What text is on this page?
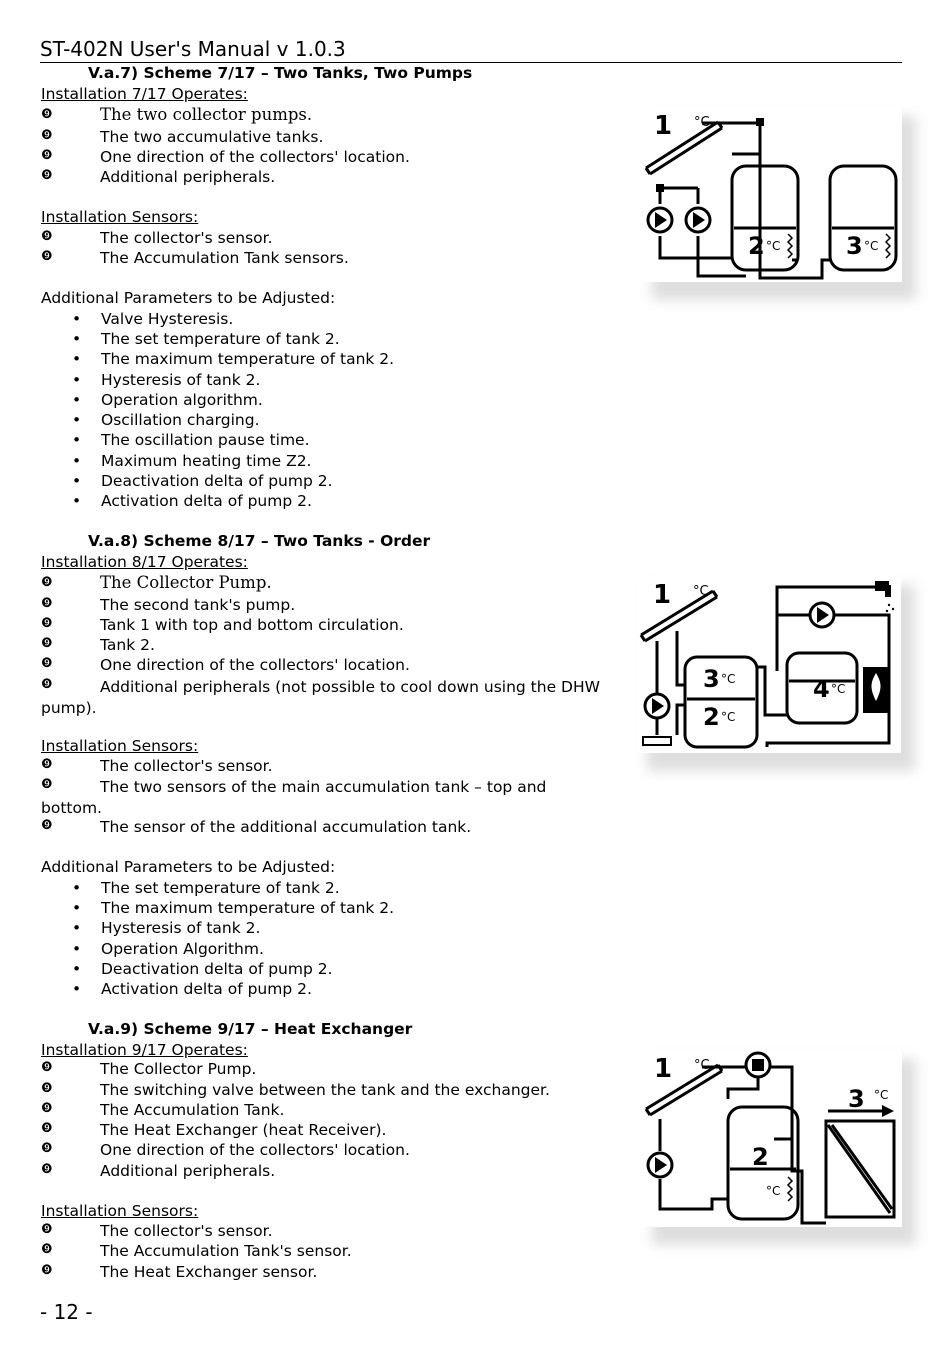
ST-402N User's Manual v 1.0.3
V.a.7) Scheme 7/17 – Two Tanks, Two Pumps
Installation 7/17 Operates:
❾	The two collector pumps.
❾	The two accumulative tanks.
❾	One direction of the collectors' location.
❾	Additional peripherals.
Installation Sensors:
❾	The collector's sensor.
❾	The Accumulation Tank sensors.
Additional Parameters to be Adjusted:
• Valve Hysteresis.
• The set temperature of tank 2.
• The maximum temperature of tank 2.
• Hysteresis of tank 2.
• Operation algorithm.
• Oscillation charging.
• The oscillation pause time.
• Maximum heating time Z2.
• Deactivation delta of pump 2.
• Activation delta of pump 2.
1 °C
2 °C	3 °C
V.a.8) Scheme 8/17 – Two Tanks - Order
Installation 8/17 Operates:
❾	The Collector Pump.
❾	The second tank's pump.
❾	Tank 1 with top and bottom circulation.
❾	Tank 2.
❾	One direction of the collectors' location.
❾	Additional peripherals (not possible to cool down using the DHW pump).
Installation Sensors:
❾	The collector's sensor.
❾	The two sensors of the main accumulation tank – top and bottom.
❾	The sensor of the additional accumulation tank.
Additional Parameters to be Adjusted:
• The set temperature of tank 2.
• The maximum temperature of tank 2.
• Hysteresis of tank 2.
• Operation Algorithm.
• Deactivation delta of pump 2.
• Activation delta of pump 2.
1 °C
3 °C
2 °C
4 °C
V.a.9) Scheme 9/17 – Heat Exchanger
Installation 9/17 Operates:
❾	The Collector Pump.
❾	The switching valve between the tank and the exchanger.
❾	The Accumulation Tank.
❾	The Heat Exchanger (heat Receiver).
❾	One direction of the collectors' location.
❾	Additional peripherals.
Installation Sensors:
❾	The collector's sensor.
❾	The Accumulation Tank's sensor.
❾	The Heat Exchanger sensor.
1 °C
2
°C
3 °C
- 12 -
